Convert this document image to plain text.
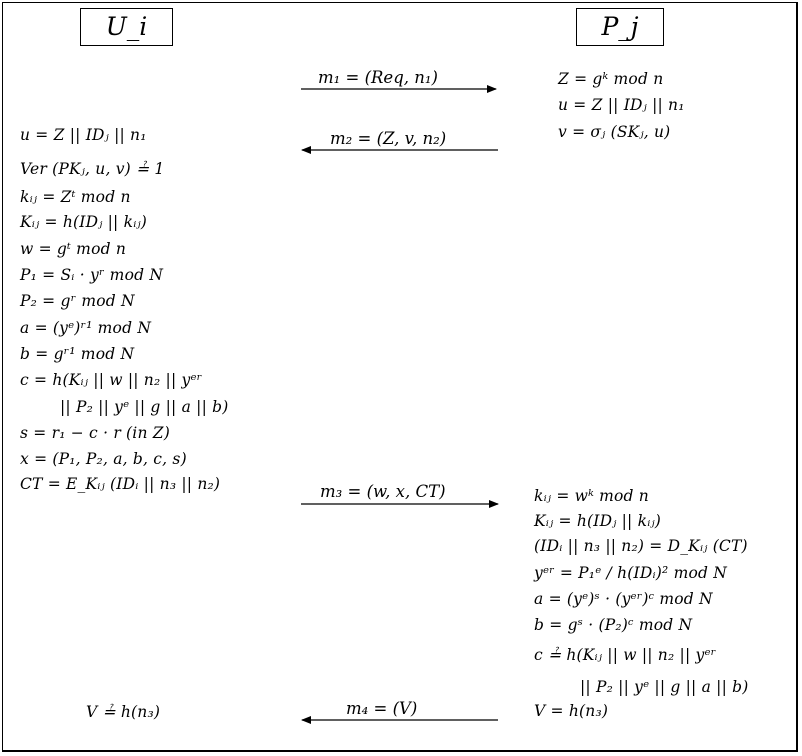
U_i	P_j
m₁ = (Req, n₁)
m₂ = (Z, v, n₂)
m₃ = (w, x, CT)
m₄ = (V)
Z = gᵏ mod n
u = Z || IDⱼ || n₁
v = σⱼ (SKⱼ, u)
u = Z || IDⱼ || n₁
Ver (PKⱼ, u, v) ≟ 1
kᵢⱼ = Zᵗ mod n
Kᵢⱼ = h(IDⱼ || kᵢⱼ)
w = gᵗ mod n
P₁ = Sᵢ · yʳ mod N
P₂ = gʳ mod N
a = (yᵉ)ʳ¹ mod N
b = gʳ¹ mod N
c = h(Kᵢⱼ || w || n₂ || yᵉʳ
|| P₂ || yᵉ || g || a || b)
s = r₁ − c · r (in Z)
x = (P₁, P₂, a, b, c, s)
CT = E_Kᵢⱼ (IDᵢ || n₃ || n₂)
kᵢⱼ = wᵏ mod n
Kᵢⱼ = h(IDⱼ || kᵢⱼ)
(IDᵢ || n₃ || n₂) = D_Kᵢⱼ (CT)
yᵉʳ = P₁ᵉ / h(IDᵢ)² mod N
a = (yᵉ)ˢ · (yᵉʳ)ᶜ mod N
b = gˢ · (P₂)ᶜ mod N
c ≟ h(Kᵢⱼ || w || n₂ || yᵉʳ
|| P₂ || yᵉ || g || a || b)
V = h(n₃)
V ≟ h(n₃)
